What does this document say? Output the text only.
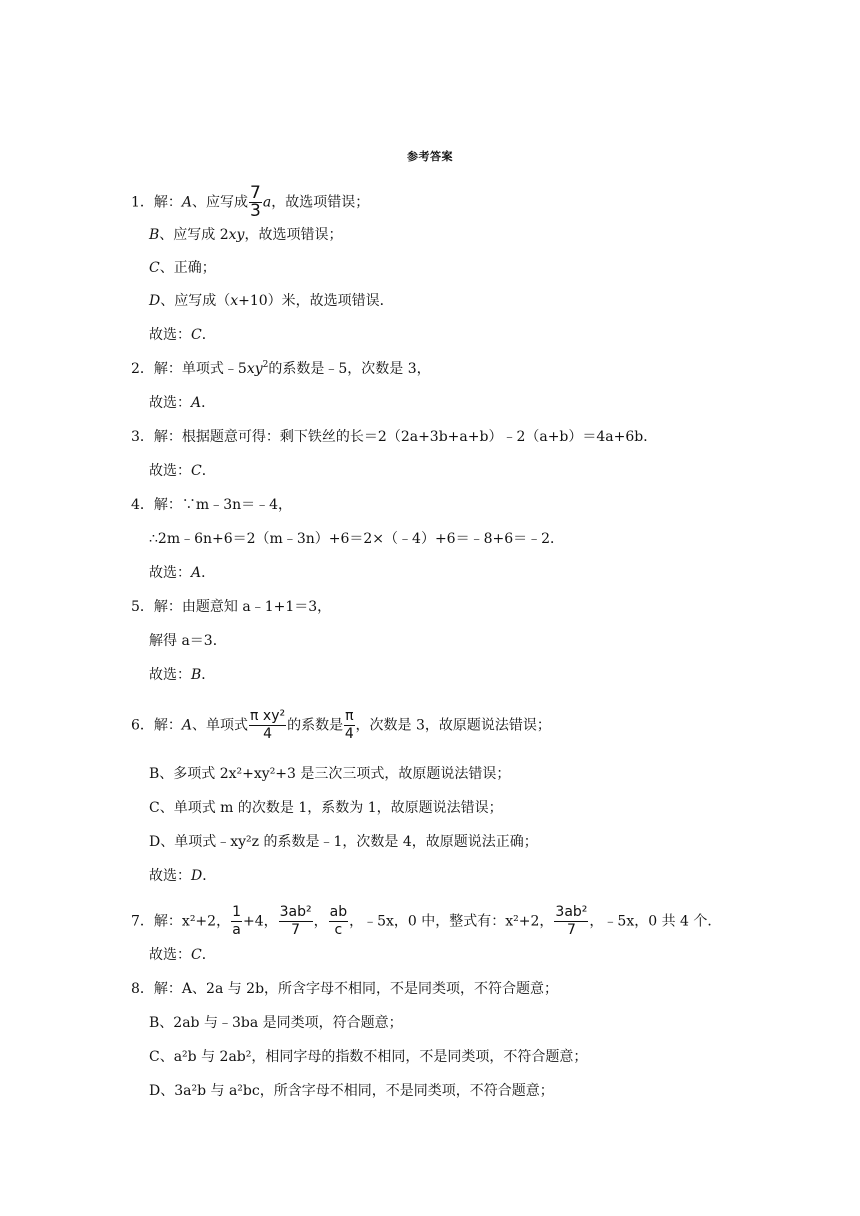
参考答案
1．解：A、应写成 $\frac{7}{3}$ a，故选项错误；
B、应写成 2xy，故选项错误；
C、正确；
D、应写成（x+10）米，故选项错误．
故选：C．
2．解：单项式$﹣5xy^2$的系数是﹣5，次数是 3，
故选：A．
3．解：根据题意可得：剩下铁丝的长＝2（2a+3b+a+b）﹣2（a+b）＝4a+6b．
故选：C．
4．解：∵m﹣3n＝﹣4，
∴2m﹣6n+6＝2（m﹣3n）+6＝2×（﹣4）+6＝﹣8+6＝﹣2．
故选：A．
5．解：由题意知 a﹣1+1＝3，
解得 a＝3．
故选：B．
6．解：A、单项式 $\frac{\text{π xy²}}{4}$ 的系数是 $\frac{\pi}{4}$ ，次数是 3，故原题说法错误；
B、多项式 2x²+xy²+3 是三次三项式，故原题说法错误；
C、单项式 m 的次数是 1，系数为 1，故原题说法错误；
D、单项式﹣xy²z 的系数是﹣1，次数是 4，故原题说法正确；
故选：D．
7．解：x²+2， $\frac{1}{a} +4$， $\frac{\text{3ab²}}{7}$ ， $\frac{ab}{c}$ ，﹣5x，0 中，整式有：x²+2， $\frac{\text{3ab²}}{7}$ ，﹣5x，0 共 4 个．
故选：C．
8．解：A、2a 与 2b，所含字母不相同，不是同类项，不符合题意；
B、2ab 与﹣3ba 是同类项，符合题意；
C、a²b 与 2ab²，相同字母的指数不相同，不是同类项，不符合题意；
D、3a²b 与 a²bc，所含字母不相同，不是同类项，不符合题意；
